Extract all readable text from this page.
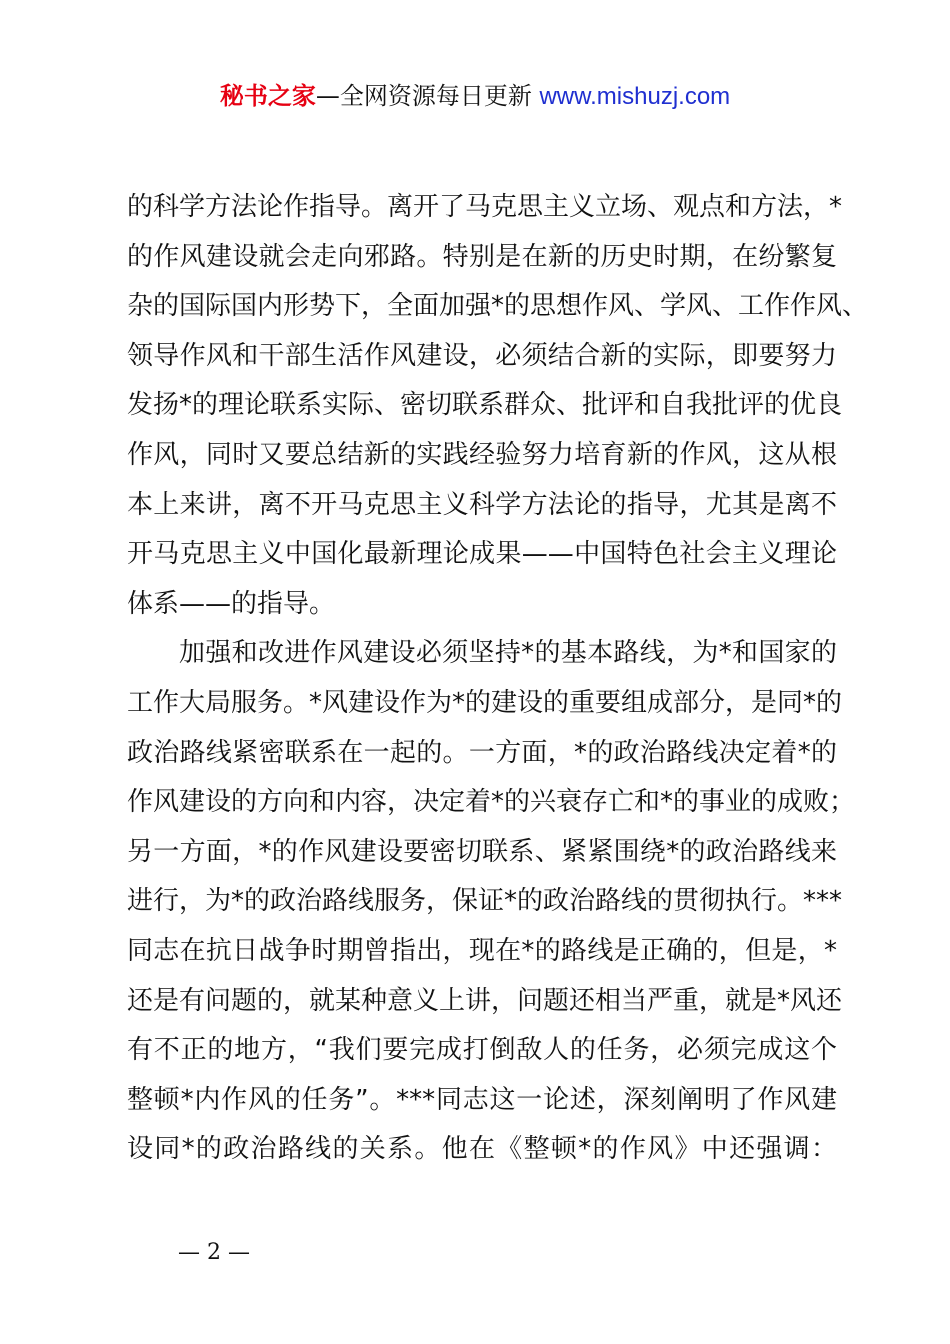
秘书之家—全网资源每日更新 www.mishuzj.com
的科学方法论作指导。离开了马克思主义立场、观点和方法，*
的作风建设就会走向邪路。特别是在新的历史时期，在纷繁复
杂的国际国内形势下，全面加强*的思想作风、学风、工作作风、
领导作风和干部生活作风建设，必须结合新的实际，即要努力
发扬*的理论联系实际、密切联系群众、批评和自我批评的优良
作风，同时又要总结新的实践经验努力培育新的作风，这从根
本上来讲，离不开马克思主义科学方法论的指导，尤其是离不
开马克思主义中国化最新理论成果——中国特色社会主义理论
体系——的指导。
加强和改进作风建设必须坚持*的基本路线，为*和国家的
工作大局服务。*风建设作为*的建设的重要组成部分，是同*的
政治路线紧密联系在一起的。一方面，*的政治路线决定着*的
作风建设的方向和内容，决定着*的兴衰存亡和*的事业的成败；
另一方面，*的作风建设要密切联系、紧紧围绕*的政治路线来
进行，为*的政治路线服务，保证*的政治路线的贯彻执行。***
同志在抗日战争时期曾指出，现在*的路线是正确的，但是，*
还是有问题的，就某种意义上讲，问题还相当严重，就是*风还
有不正的地方，“我们要完成打倒敌人的任务，必须完成这个
整顿*内作风的任务”。***同志这一论述，深刻阐明了作风建
设同*的政治路线的关系。他在《整顿*的作风》中还强调：
— 2 —
